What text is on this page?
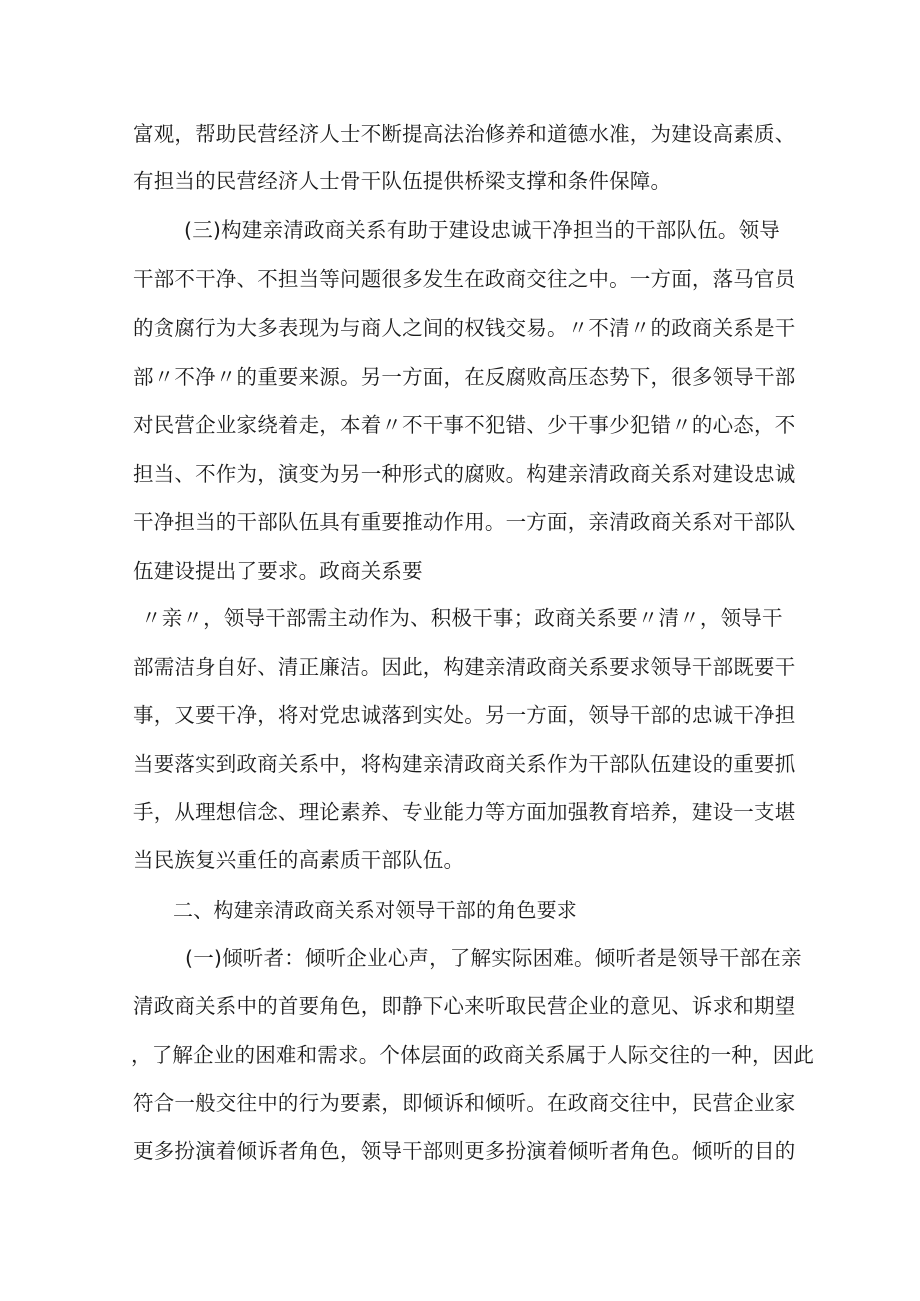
富观，帮助民营经济人士不断提高法治修养和道德水准，为建设高素质、
有担当的民营经济人士骨干队伍提供桥梁支撑和条件保障。
(三)构建亲清政商关系有助于建设忠诚干净担当的干部队伍。领导
干部不干净、不担当等问题很多发生在政商交往之中。一方面，落马官员
的贪腐行为大多表现为与商人之间的权钱交易。〃不清〃的政商关系是干
部〃不净〃的重要来源。另一方面，在反腐败高压态势下，很多领导干部
对民营企业家绕着走，本着〃不干事不犯错、少干事少犯错〃的心态，不
担当、不作为，演变为另一种形式的腐败。构建亲清政商关系对建设忠诚
干净担当的干部队伍具有重要推动作用。一方面，亲清政商关系对干部队
伍建设提出了要求。政商关系要
〃亲〃，领导干部需主动作为、积极干事；政商关系要〃清〃，领导干
部需洁身自好、清正廉洁。因此，构建亲清政商关系要求领导干部既要干
事，又要干净，将对党忠诚落到实处。另一方面，领导干部的忠诚干净担
当要落实到政商关系中，将构建亲清政商关系作为干部队伍建设的重要抓
手，从理想信念、理论素养、专业能力等方面加强教育培养，建设一支堪
当民族复兴重任的高素质干部队伍。
二、构建亲清政商关系对领导干部的角色要求
(一)倾听者：倾听企业心声，了解实际困难。倾听者是领导干部在亲
清政商关系中的首要角色，即静下心来听取民营企业的意见、诉求和期望
，了解企业的困难和需求。个体层面的政商关系属于人际交往的一种，因此
符合一般交往中的行为要素，即倾诉和倾听。在政商交往中，民营企业家
更多扮演着倾诉者角色，领导干部则更多扮演着倾听者角色。倾听的目的
